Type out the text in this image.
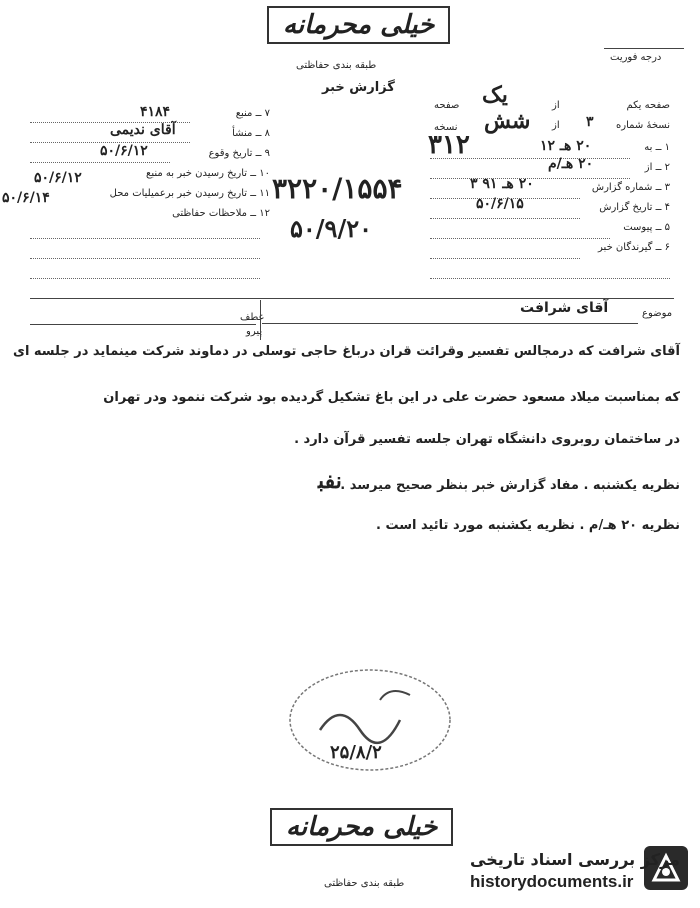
خیلی محرمانه
طبقه بندی حفاظتی
درجه فوریت
گزارش خبر
۷ ــ منبع
۴۱۸۴
۸ ــ منشأ
آقای ندیمی
۹ ــ تاریخ وقوع
۵۰/۶/۱۲
۱۰ ــ تاریخ رسیدن خبر به منبع
۵۰/۶/۱۲
۱۱ ــ تاریخ رسیدن خبر برعمیلیات محل
۵۰/۶/۱۴
۱۲ ــ ملاحظات حفاظتی
۳۲۲۰/۱۵۵۴
۵۰/۹/۲۰
صفحه یکم
از
یک
صفحه
نسخهٔ شماره
۳
از
شش
نسخه
۱ ــ به
۲۰ هـ ۱۲
۳۱۲
۲ ــ از
۲۰ هـ/م
۳ ــ شماره گزارش
۲۰ هـ ۹۱ ۳
۴ ــ تاریخ گزارش
۵۰/۶/۱۵
۵ ــ پیوست
۶ ــ گیرندگان خبر
موضوع
آقای شرافت
عطف
پیرو
آقای شرافت که درمجالس تفسیر وقرائت قران درباغ حاجی توسلی در دماوند شرکت مینماید در جلسه ای
که بمناسبت میلاد مسعود حضرت علی در این باغ تشکیل گردیده بود شرکت ننمود ودر تهران
در ساختمان روبروی دانشگاه تهران جلسه تفسیر قرآن دارد .
نظریه یکشنبه . مفاد گزارش خبر بنظر صحیح میرسد .
ﻧﻔﺒ
نظریه ۲۰ هـ/م . نظریه یکشنبه مورد تائید است .
۲۵/۸/۲
خیلی محرمانه
طبقه بندی حفاظتی
مرکز بررسی اسناد تاریخی
historydocuments.ir
